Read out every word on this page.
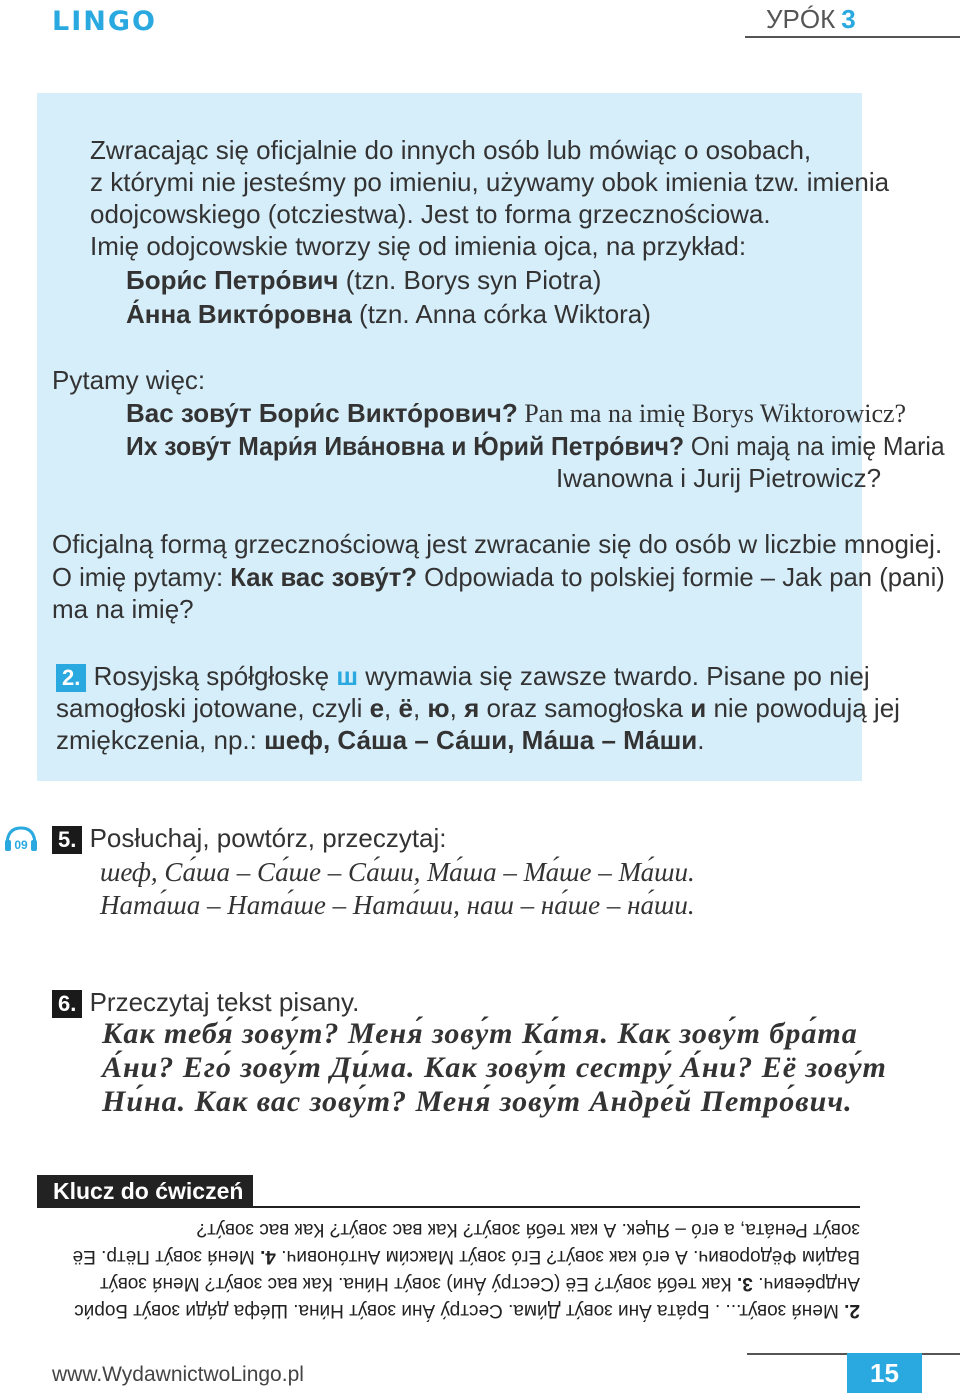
LINGO	УРÓК 3
Zwracając się oficjalnie do innych osób lub mówiąc o osobach,
z którymi nie jesteśmy po imieniu, używamy obok imienia tzw. imienia
odojcowskiego (otcziestwa). Jest to forma grzecznościowa.
Imię odojcowskie tworzy się od imienia ojca, na przykład:
Бори́с Петро́вич (tzn. Borys syn Piotra)
А́нна Викто́ровна (tzn. Anna córka Wiktora)
Pytamy więc:
Вас зову́т Бори́с Викто́рович? Pan ma na imię Borys Wiktorowicz?
Их зову́т Мари́я Ива́новна и Ю́рий Петро́вич? Oni mają na imię Maria
Iwanowna i Jurij Pietrowicz?
Oficjalną formą grzecznościową jest zwracanie się do osób w liczbie mnogiej.
O imię pytamy: Как вас зову́т? Odpowiada to polskiej formie – Jak pan (pani)
ma na imię?
2. Rosyjską spółgłoskę ш wymawia się zawsze twardo. Pisane po niej
samogłoski jotowane, czyli е, ё, ю, я oraz samogłoska и nie powodują jej
zmiękczenia, np.: шеф, Са́ша – Са́ши, Ма́ша – Ма́ши.
09 5. Posłuchaj, powtórz, przeczytaj:
шеф, Са́ша – Са́ше – Са́ши, Ма́ша – Ма́ше – Ма́ши.
Ната́ша – Ната́ше – Ната́ши, наш – на́ше – на́ши.
6. Przeczytaj tekst pisany.
Как тебя́ зову́т? Меня́ зову́т Ка́тя. Как зову́т бра́та
А́ни? Его́ зову́т Ди́ма. Как зову́т сестру́ А́ни? Её зову́т
Ни́на. Как вас зову́т? Меня́ зову́т Андре́й Петро́вич.
Klucz do ćwiczeń
2. Меня́ зову́т... . Бра́та А́ни зову́т Ди́ма. Сестру́ А́ни зову́т Ни́на. Ше́фа дя́ди зову́т Бори́с
Андре́евич. 3. Как тебя́ зову́т? Её (Сестру́ А́ни) зову́т Ни́на. Как вас зову́т? Меня́ зову́т
Вади́м Фёдорович. А его́ как зову́т? Его́ зову́т Макси́м Анто́нович. 4. Меня́ зову́т Пётр. Её
зову́т Рена́та, а его́ – Яцек. А как тебя́ зову́т? Как вас зову́т? Как вас зову́т?
www.WydawnictwoLingo.pl	15
